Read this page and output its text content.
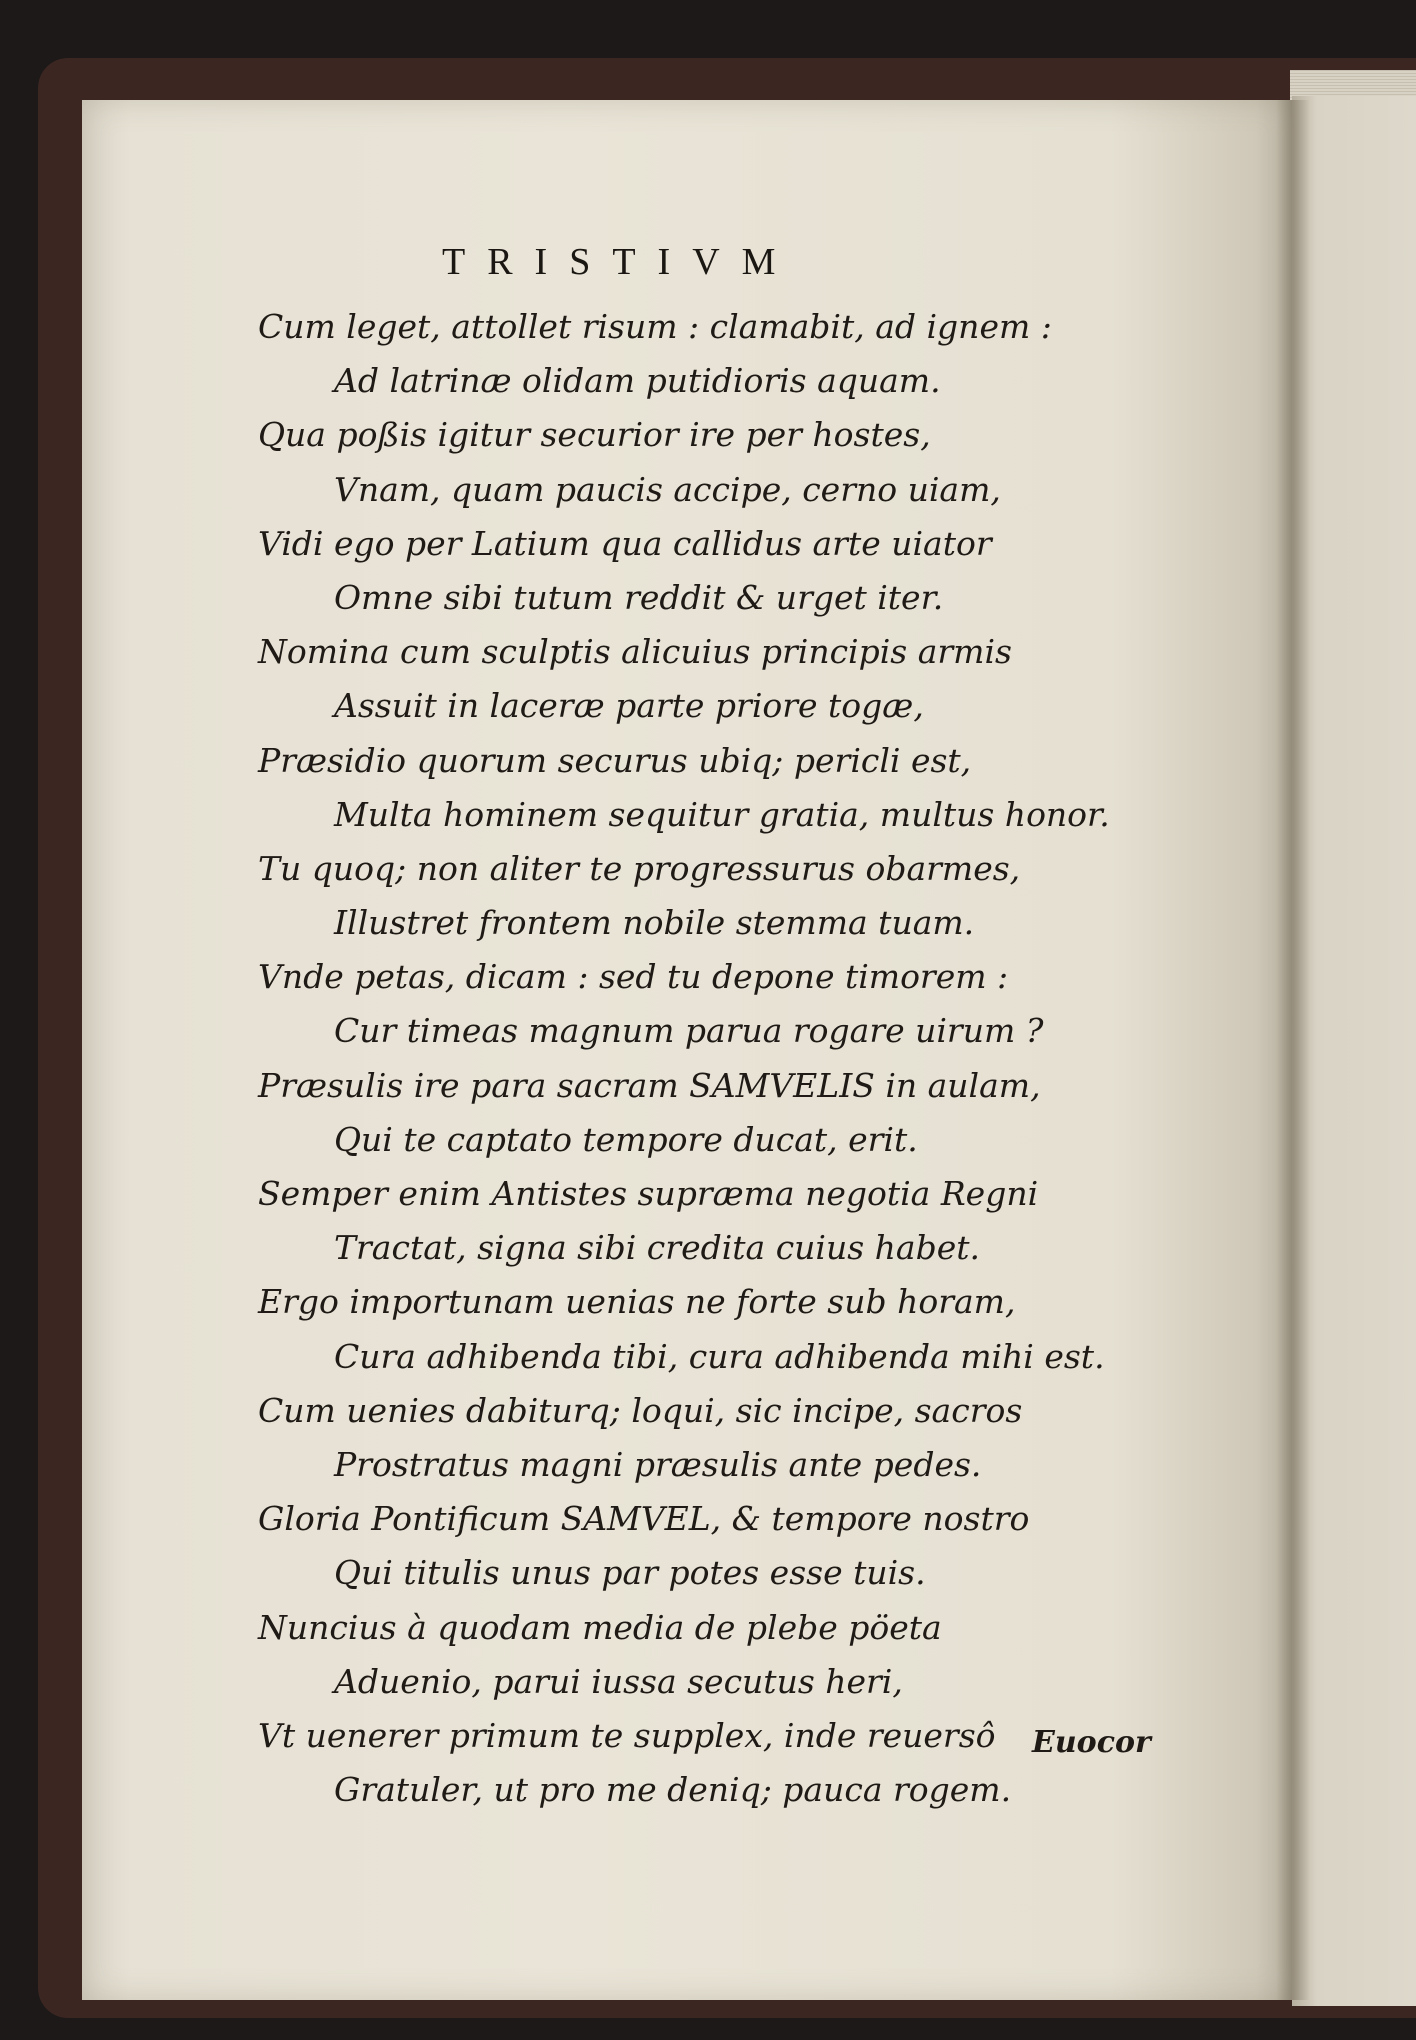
TRISTIVM
Cum leget, attollet risum : clamabit, ad ignem :
Ad latrinæ olidam putidioris aquam.
Qua poßis igitur securior ire per hostes,
Vnam, quam paucis accipe, cerno uiam,
Vidi ego per Latium qua callidus arte uiator
Omne sibi tutum reddit & urget iter.
Nomina cum sculptis alicuius principis armis
Assuit in laceræ parte priore togæ,
Præsidio quorum securus ubiq; pericli est,
Multa hominem sequitur gratia, multus honor.
Tu quoq; non aliter te progressurus obarmes,
Illustret frontem nobile stemma tuam.
Vnde petas, dicam : sed tu depone timorem :
Cur timeas magnum parua rogare uirum ?
Præsulis ire para sacram SAMVELIS in aulam,
Qui te captato tempore ducat, erit.
Semper enim Antistes supræma negotia Regni
Tractat, signa sibi credita cuius habet.
Ergo importunam uenias ne forte sub horam,
Cura adhibenda tibi, cura adhibenda mihi est.
Cum uenies dabiturq; loqui, sic incipe, sacros
Prostratus magni præsulis ante pedes.
Gloria Pontificum SAMVEL, & tempore nostro
Qui titulis unus par potes esse tuis.
Nuncius à quodam media de plebe pöeta
Aduenio, parui iussa secutus heri,
Vt uenerer primum te supplex, inde reuersô
Gratuler, ut pro me deniq; pauca rogem.
Euocor
